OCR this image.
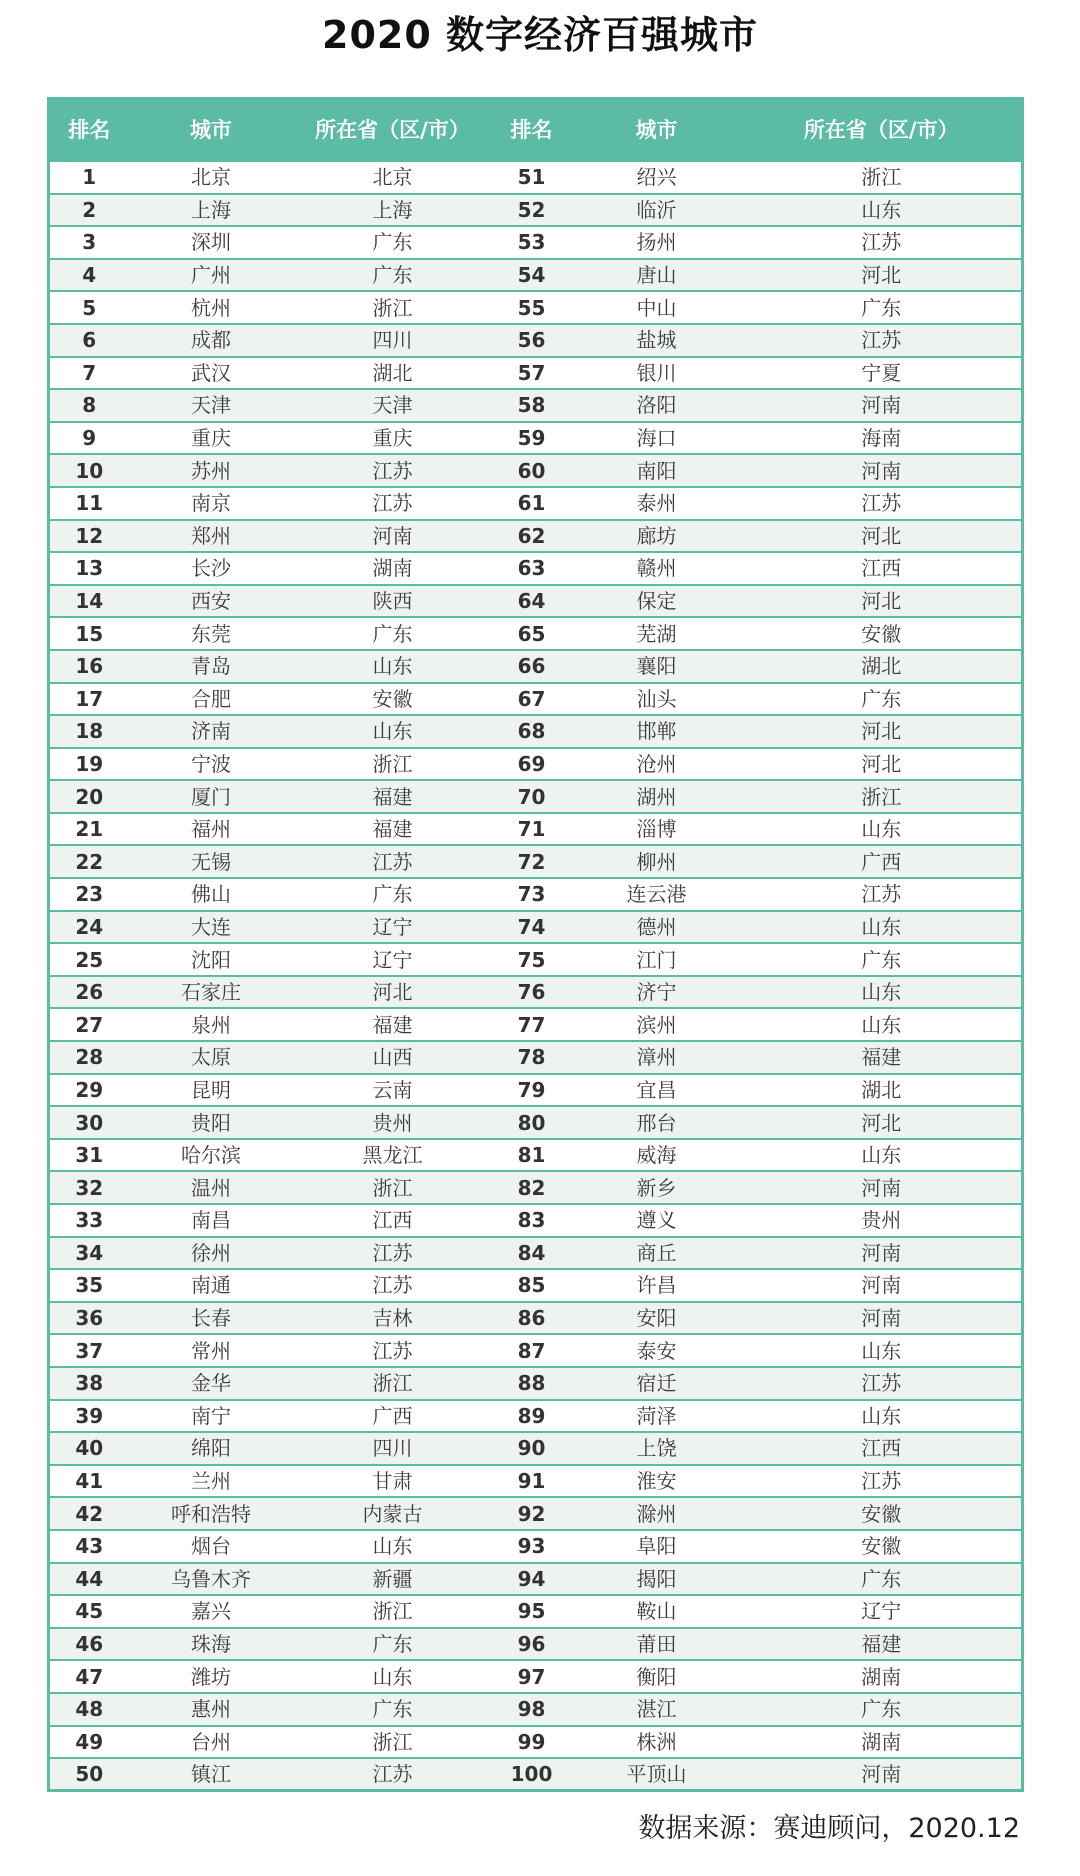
2020 数字经济百强城市
排名	城市	所在省（区/市）	排名	城市	所在省（区/市）
1	北京	北京	51	绍兴	浙江
2	上海	上海	52	临沂	山东
3	深圳	广东	53	扬州	江苏
4	广州	广东	54	唐山	河北
5	杭州	浙江	55	中山	广东
6	成都	四川	56	盐城	江苏
7	武汉	湖北	57	银川	宁夏
8	天津	天津	58	洛阳	河南
9	重庆	重庆	59	海口	海南
10	苏州	江苏	60	南阳	河南
11	南京	江苏	61	泰州	江苏
12	郑州	河南	62	廊坊	河北
13	长沙	湖南	63	赣州	江西
14	西安	陕西	64	保定	河北
15	东莞	广东	65	芜湖	安徽
16	青岛	山东	66	襄阳	湖北
17	合肥	安徽	67	汕头	广东
18	济南	山东	68	邯郸	河北
19	宁波	浙江	69	沧州	河北
20	厦门	福建	70	湖州	浙江
21	福州	福建	71	淄博	山东
22	无锡	江苏	72	柳州	广西
23	佛山	广东	73	连云港	江苏
24	大连	辽宁	74	德州	山东
25	沈阳	辽宁	75	江门	广东
26	石家庄	河北	76	济宁	山东
27	泉州	福建	77	滨州	山东
28	太原	山西	78	漳州	福建
29	昆明	云南	79	宜昌	湖北
30	贵阳	贵州	80	邢台	河北
31	哈尔滨	黑龙江	81	威海	山东
32	温州	浙江	82	新乡	河南
33	南昌	江西	83	遵义	贵州
34	徐州	江苏	84	商丘	河南
35	南通	江苏	85	许昌	河南
36	长春	吉林	86	安阳	河南
37	常州	江苏	87	泰安	山东
38	金华	浙江	88	宿迁	江苏
39	南宁	广西	89	菏泽	山东
40	绵阳	四川	90	上饶	江西
41	兰州	甘肃	91	淮安	江苏
42	呼和浩特	内蒙古	92	滁州	安徽
43	烟台	山东	93	阜阳	安徽
44	乌鲁木齐	新疆	94	揭阳	广东
45	嘉兴	浙江	95	鞍山	辽宁
46	珠海	广东	96	莆田	福建
47	潍坊	山东	97	衡阳	湖南
48	惠州	广东	98	湛江	广东
49	台州	浙江	99	株洲	湖南
50	镇江	江苏	100	平顶山	河南
数据来源：赛迪顾问，2020.12
